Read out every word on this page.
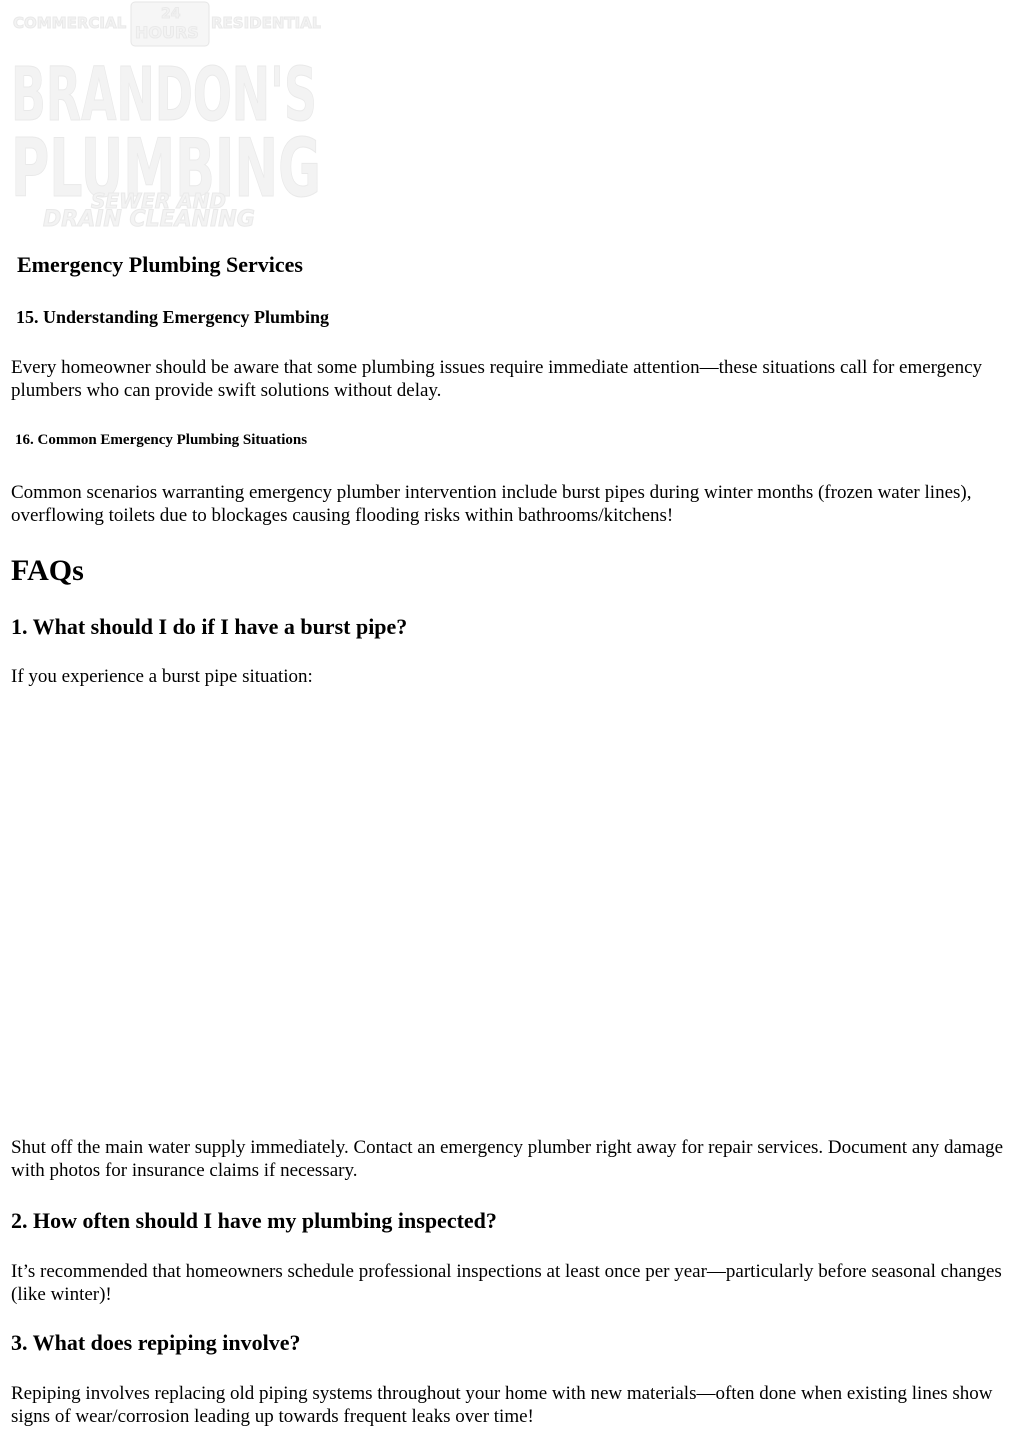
COMMERCIAL 24
HOURS RESIDENTIAL
BRANDON'S
PLUMBING
SEWER AND
DRAIN CLEANING
Emergency Plumbing Services
15. Understanding Emergency Plumbing

Every homeowner should be aware that some plumbing issues require immediate attention—these situations call for emergency plumbers who can provide swift solutions without delay.

16. Common Emergency Plumbing Situations

Common scenarios warranting emergency plumber intervention include burst pipes during winter months (frozen water lines), overflowing toilets due to blockages causing flooding risks within bathrooms/kitchens!

FAQs
1. What should I do if I have a burst pipe?

If you experience a burst pipe situation:

Shut off the main water supply immediately. Contact an emergency plumber right away for repair services. Document any damage with photos for insurance claims if necessary.

2. How often should I have my plumbing inspected?

It’s recommended that homeowners schedule professional inspections at least once per year—particularly before seasonal changes (like winter)!

3. What does repiping involve?

Repiping involves replacing old piping systems throughout your home with new materials—often done when existing lines show signs of wear/corrosion leading up towards frequent leaks over time!
